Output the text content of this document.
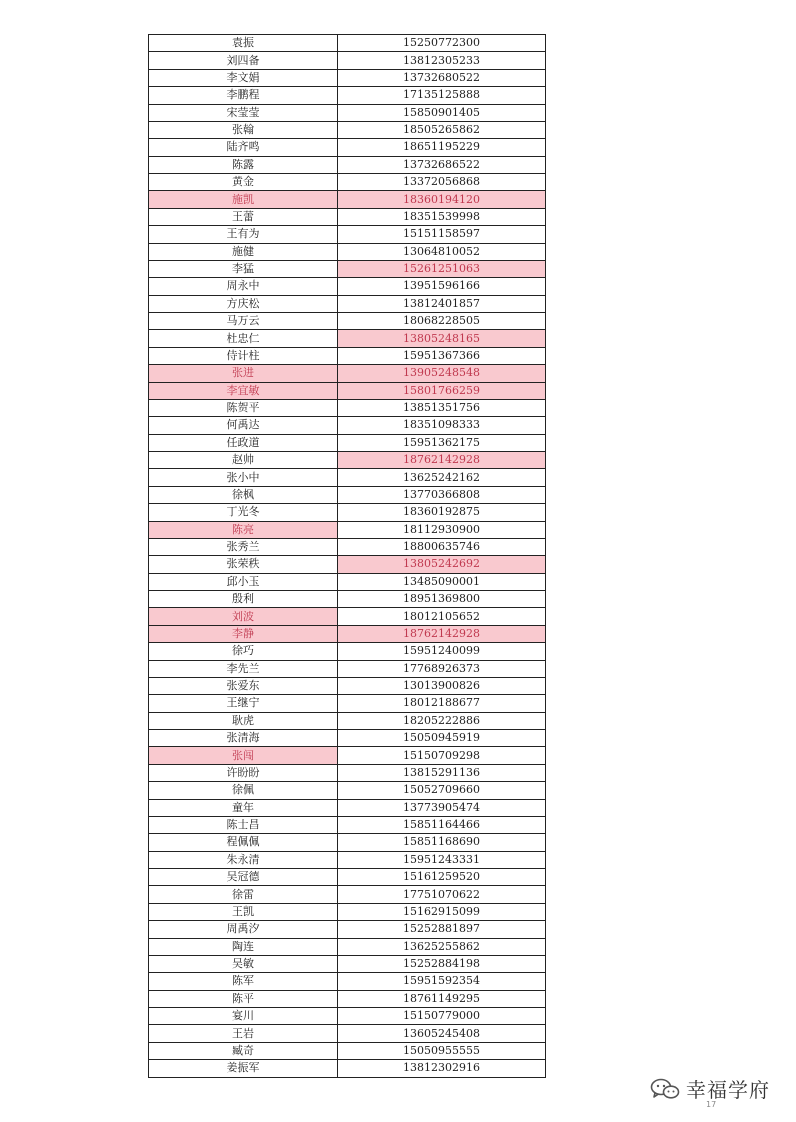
袁振	15250772300
刘四备	13812305233
李文娟	13732680522
李鹏程	17135125888
宋莹莹	15850901405
张翰	18505265862
陆齐鸣	18651195229
陈露	13732686522
黄金	13372056868
施凯	18360194120
王蕾	18351539998
王有为	15151158597
施健	13064810052
李猛	15261251063
周永中	13951596166
方庆松	13812401857
马万云	18068228505
杜忠仁	13805248165
侍计柱	15951367366
张进	13905248548
李宜敏	15801766259
陈贺平	13851351756
何禹达	18351098333
任政道	15951362175
赵帅	18762142928
张小中	13625242162
徐枫	13770366808
丁光冬	18360192875
陈亮	18112930900
张秀兰	18800635746
张荣秩	13805242692
邱小玉	13485090001
殷利	18951369800
刘波	18012105652
李静	18762142928
徐巧	15951240099
李先兰	17768926373
张爱东	13013900826
王继宁	18012188677
耿虎	18205222886
张清海	15050945919
张闯	15150709298
许盼盼	13815291136
徐佩	15052709660
童年	13773905474
陈士昌	15851164466
程佩佩	15851168690
朱永清	15951243331
吴冠德	15161259520
徐雷	17751070622
王凯	15162915099
周禹汐	15252881897
陶连	13625255862
吴敏	15252884198
陈军	15951592354
陈平	18761149295
宴川	15150779000
王岩	13605245408
臧奇	15050955555
姜振军	13812302916
幸福学府
17
